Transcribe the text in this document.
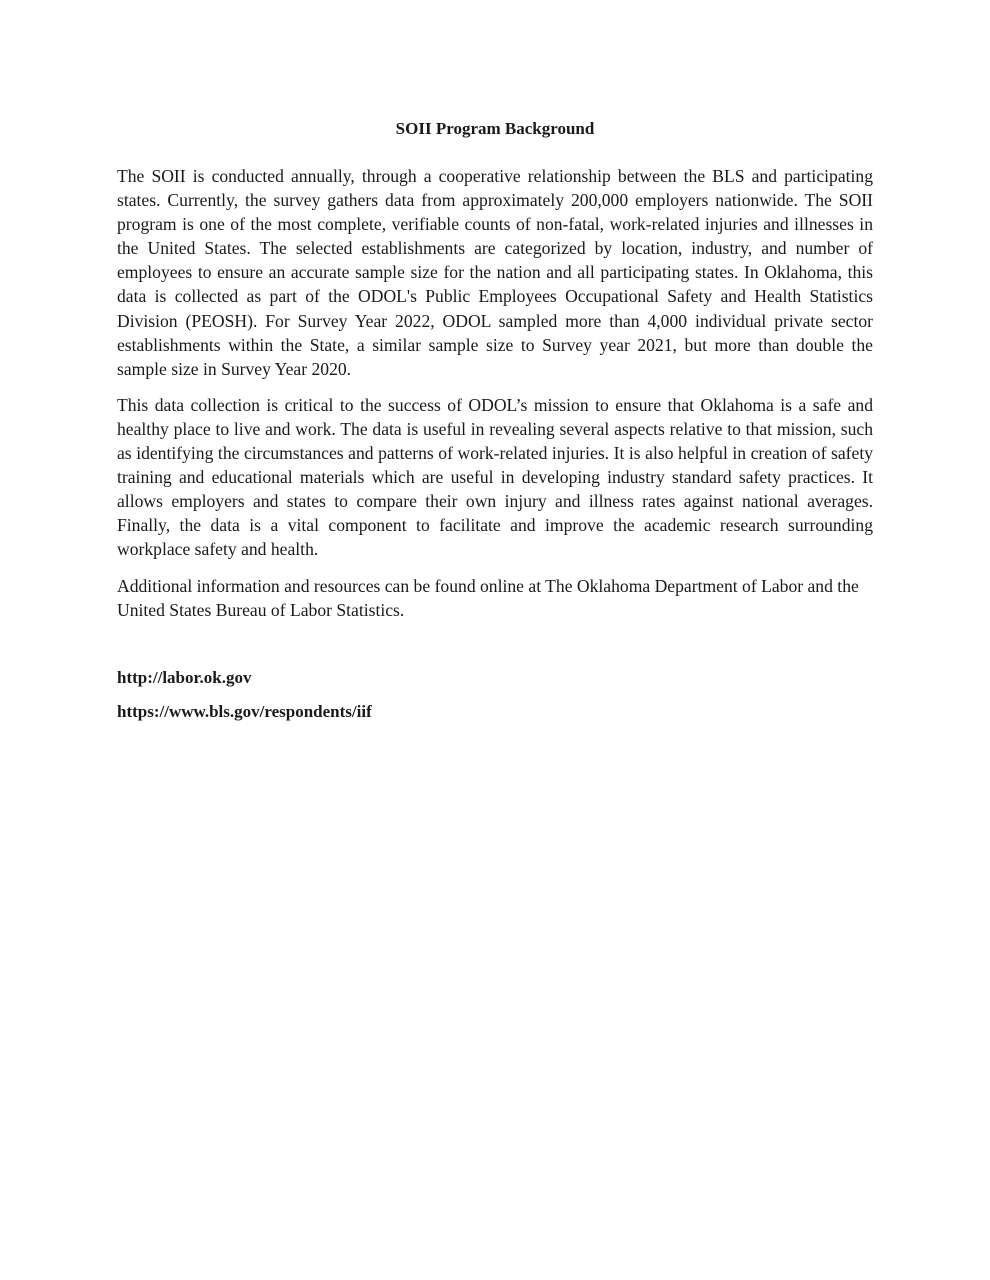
SOII Program Background

The SOII is conducted annually, through a cooperative relationship between the BLS and participating states. Currently, the survey gathers data from approximately 200,000 employers nationwide. The SOII program is one of the most complete, verifiable counts of non-fatal, work-related injuries and illnesses in the United States. The selected establishments are categorized by location, industry, and number of employees to ensure an accurate sample size for the nation and all participating states. In Oklahoma, this data is collected as part of the ODOL's Public Employees Occupational Safety and Health Statistics Division (PEOSH). For Survey Year 2022, ODOL sampled more than 4,000 individual private sector establishments within the State, a similar sample size to Survey year 2021, but more than double the sample size in Survey Year 2020.

This data collection is critical to the success of ODOL’s mission to ensure that Oklahoma is a safe and healthy place to live and work. The data is useful in revealing several aspects relative to that mission, such as identifying the circumstances and patterns of work-related injuries. It is also helpful in creation of safety training and educational materials which are useful in developing industry standard safety practices. It allows employers and states to compare their own injury and illness rates against national averages. Finally, the data is a vital component to facilitate and improve the academic research surrounding workplace safety and health.

Additional information and resources can be found online at The Oklahoma Department of Labor and the United States Bureau of Labor Statistics.

http://labor.ok.gov
https://www.bls.gov/respondents/iif
